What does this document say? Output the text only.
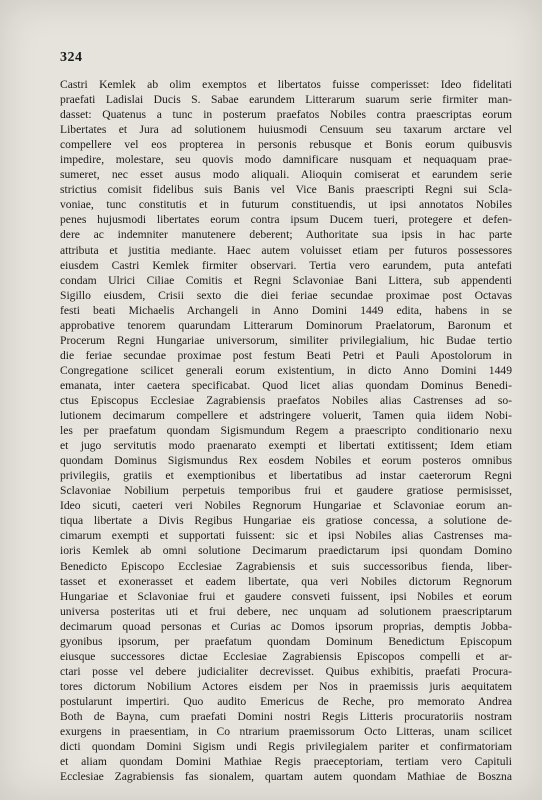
324
Castri Kemlek ab olim exemptos et libertatos fuisse comperisset: Ideo fidelitati
praefati Ladislai Ducis S. Sabae earundem Litterarum suarum serie firmiter man-
dasset: Quatenus a tunc in posterum praefatos Nobiles contra praescriptas eorum
Libertates et Jura ad solutionem huiusmodi Censuum seu taxarum arctare vel
compellere vel eos propterea in personis rebusque et Bonis eorum quibusvis
impedire, molestare, seu quovis modo damnificare nusquam et nequaquam prae-
sumeret, nec esset ausus modo aliquali. Alioquin comiserat et earundem serie
strictius comisit fidelibus suis Banis vel Vice Banis praescripti Regni sui Scla-
voniae, tunc constitutis et in futurum constituendis, ut ipsi annotatos Nobiles
penes hujusmodi libertates eorum contra ipsum Ducem tueri, protegere et defen-
dere ac indemniter manutenere deberent; Authoritate sua ipsis in hac parte
attributa et justitia mediante. Haec autem voluisset etiam per futuros possessores
eiusdem Castri Kemlek firmiter observari. Tertia vero earundem, puta antefati
condam Ulrici Ciliae Comitis et Regni Sclavoniae Bani Littera, sub appendenti
Sigillo eiusdem, Crisii sexto die diei feriae secundae proximae post Octavas
festi beati Michaelis Archangeli in Anno Domini 1449 edita, habens in se
approbative tenorem quarundam Litterarum Dominorum Praelatorum, Baronum et
Procerum Regni Hungariae universorum, similiter privilegialium, hic Budae tertio
die feriae secundae proximae post festum Beati Petri et Pauli Apostolorum in
Congregatione scilicet generali eorum existentium, in dicto Anno Domini 1449
emanata, inter caetera specificabat. Quod licet alias quondam Dominus Benedi-
ctus Episcopus Ecclesiae Zagrabiensis praefatos Nobiles alias Castrenses ad so-
lutionem decimarum compellere et adstringere voluerit, Tamen quia iidem Nobi-
les per praefatum quondam Sigismundum Regem a praescripto conditionario nexu
et jugo servitutis modo praenarato exempti et libertati extitissent; Idem etiam
quondam Dominus Sigismundus Rex eosdem Nobiles et eorum posteros omnibus
privilegiis, gratiis et exemptionibus et libertatibus ad instar caeterorum Regni
Sclavoniae Nobilium perpetuis temporibus frui et gaudere gratiose permisisset,
Ideo sicuti, caeteri veri Nobiles Regnorum Hungariae et Sclavoniae eorum an-
tiqua libertate a Divis Regibus Hungariae eis gratiose concessa, a solutione de-
cimarum exempti et supportati fuissent: sic et ipsi Nobiles alias Castrenses ma-
ioris Kemlek ab omni solutione Decimarum praedictarum ipsi quondam Domino
Benedicto Episcopo Ecclesiae Zagrabiensis et suis successoribus fienda, liber-
tasset et exonerasset et eadem libertate, qua veri Nobiles dictorum Regnorum
Hungariae et Sclavoniae frui et gaudere consveti fuissent, ipsi Nobiles et eorum
universa posteritas uti et frui debere, nec unquam ad solutionem praescriptarum
decimarum quoad personas et Curias ac Domos ipsorum proprias, demptis Jobba-
gyonibus ipsorum, per praefatum quondam Dominum Benedictum Episcopum
eiusque successores dictae Ecclesiae Zagrabiensis Episcopos compelli et ar-
ctari posse vel debere judicialiter decrevisset. Quibus exhibitis, praefati Procura-
tores dictorum Nobilium Actores eisdem per Nos in praemissis juris aequitatem
postularunt impertiri. Quo audito Emericus de Reche, pro memorato Andrea
Both de Bayna, cum praefati Domini nostri Regis Litteris procuratoriis nostram
exurgens in praesentiam, in Co ntrarium praemissorum Octo Litteras, unam scilicet
dicti quondam Domini Sigism undi Regis privilegialem pariter et confirmatoriam
et aliam quondam Domini Mathiae Regis praeceptoriam, tertiam vero Capituli
Ecclesiae Zagrabiensis fas sionalem, quartam autem quondam Mathiae de Boszna
